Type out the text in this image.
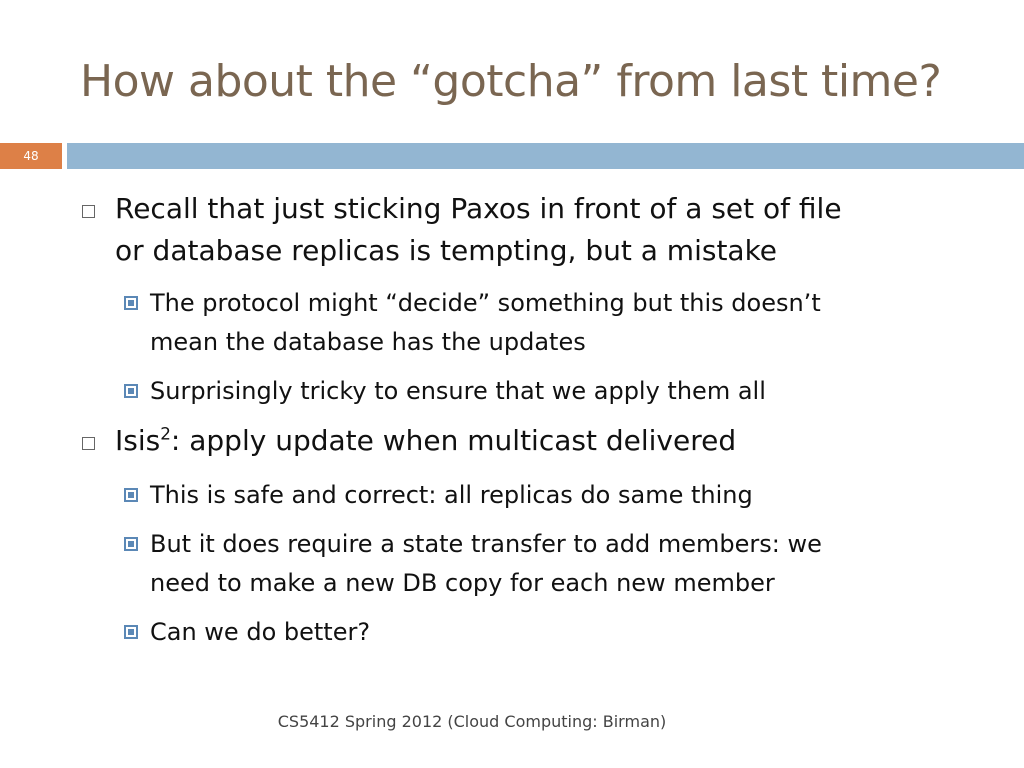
How about the “gotcha” from last time?
48
Recall that just sticking Paxos in front of a set of file
or database replicas is tempting, but a mistake
The protocol might “decide” something but this doesn’t
mean the database has the updates
Surprisingly tricky to ensure that we apply them all
Isis$^2$: apply update when multicast delivered
This is safe and correct: all replicas do same thing
But it does require a state transfer to add members: we
need to make a new DB copy for each new member
Can we do better?
CS5412 Spring 2012 (Cloud Computing: Birman)
